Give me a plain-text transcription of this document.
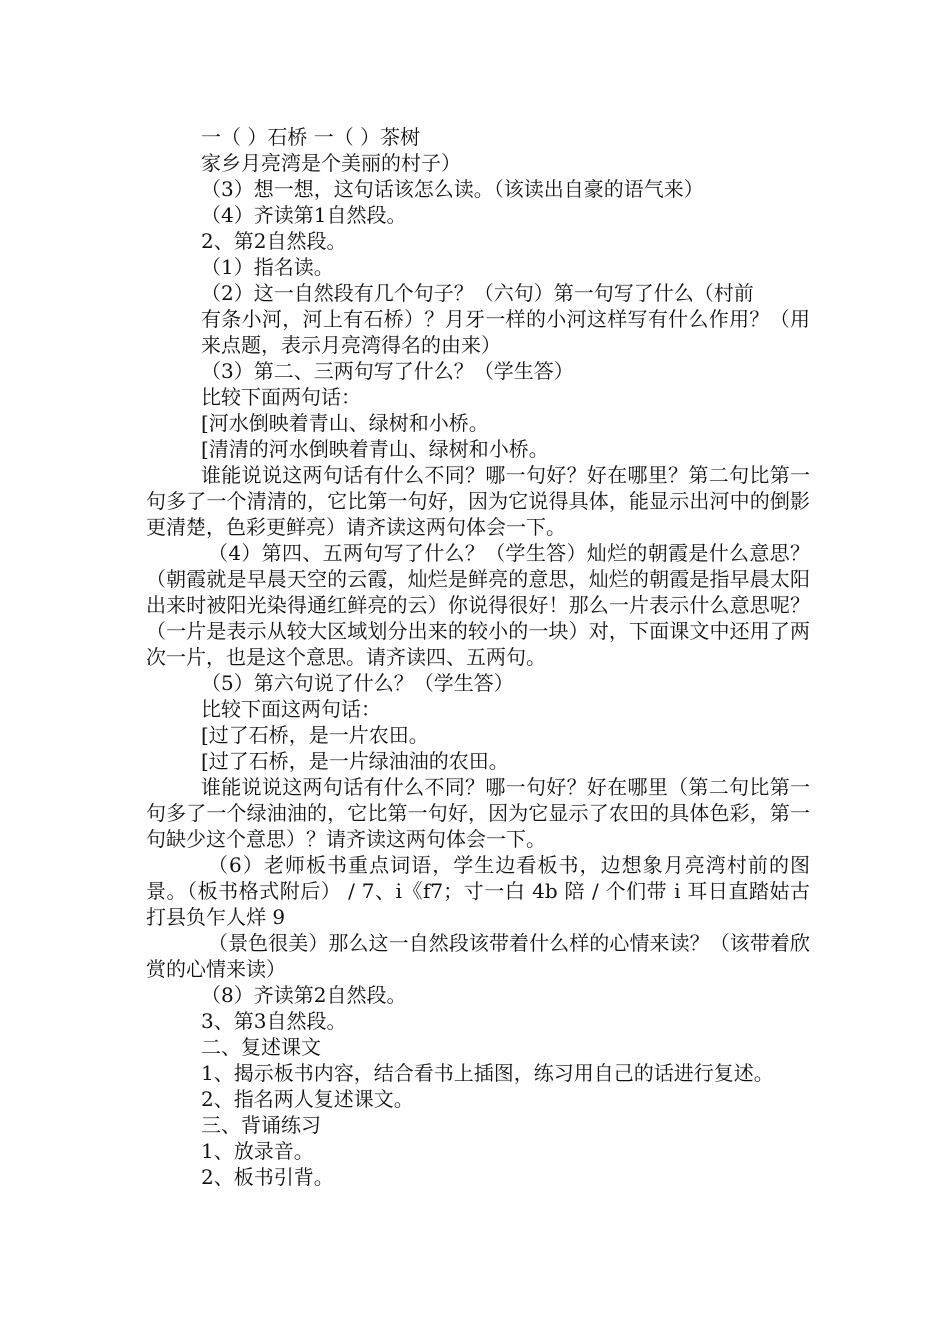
一（ ）石桥 一（ ）茶树

家乡月亮湾是个美丽的村子）

（3）想一想，这句话该怎么读。（该读出自豪的语气来）

（4）齐读第1自然段。

2、第2自然段。

（1）指名读。

（2）这一自然段有几个句子？（六句）第一句写了什么（村前

有条小河，河上有石桥）？月牙一样的小河这样写有什么作用？（用来点题，表示月亮湾得名的由来）

（3）第二、三两句写了什么？（学生答）

比较下面两句话：

[河水倒映着青山、绿树和小桥。

[清清的河水倒映着青山、绿树和小桥。

谁能说说这两句话有什么不同？哪一句好？好在哪里？第二句比第一句多了一个清清的，它比第一句好，因为它说得具体，能显示出河中的倒影更清楚，色彩更鲜亮）请齐读这两句体会一下。

（4）第四、五两句写了什么？（学生答）灿烂的朝霞是什么意思？（朝霞就是早晨天空的云霞，灿烂是鲜亮的意思，灿烂的朝霞是指早晨太阳出来时被阳光染得通红鲜亮的云）你说得很好！那么一片表示什么意思呢？（一片是表示从较大区域划分出来的较小的一块）对，下面课文中还用了两次一片，也是这个意思。请齐读四、五两句。

（5）第六句说了什么？（学生答）

比较下面这两句话：

[过了石桥，是一片农田。

[过了石桥，是一片绿油油的农田。

谁能说说这两句话有什么不同？哪一句好？好在哪里（第二句比第一句多了一个绿油油的，它比第一句好，因为它显示了农田的具体色彩，第一句缺少这个意思）？请齐读这两句体会一下。

（6）老师板书重点词语，学生边看板书，边想象月亮湾村前的图景。（板书格式附后） / 7、i《f7；寸一白 4b 陪 / 个们带 i 耳日直踏姑古打县负乍人烊 9

（景色很美）那么这一自然段该带着什么样的心情来读？（该带着欣赏的心情来读）

（8）齐读第2自然段。

3、第3自然段。

二、复述课文

1、揭示板书内容，结合看书上插图，练习用自己的话进行复述。

2、指名两人复述课文。

三、背诵练习

1、放录音。

2、板书引背。
